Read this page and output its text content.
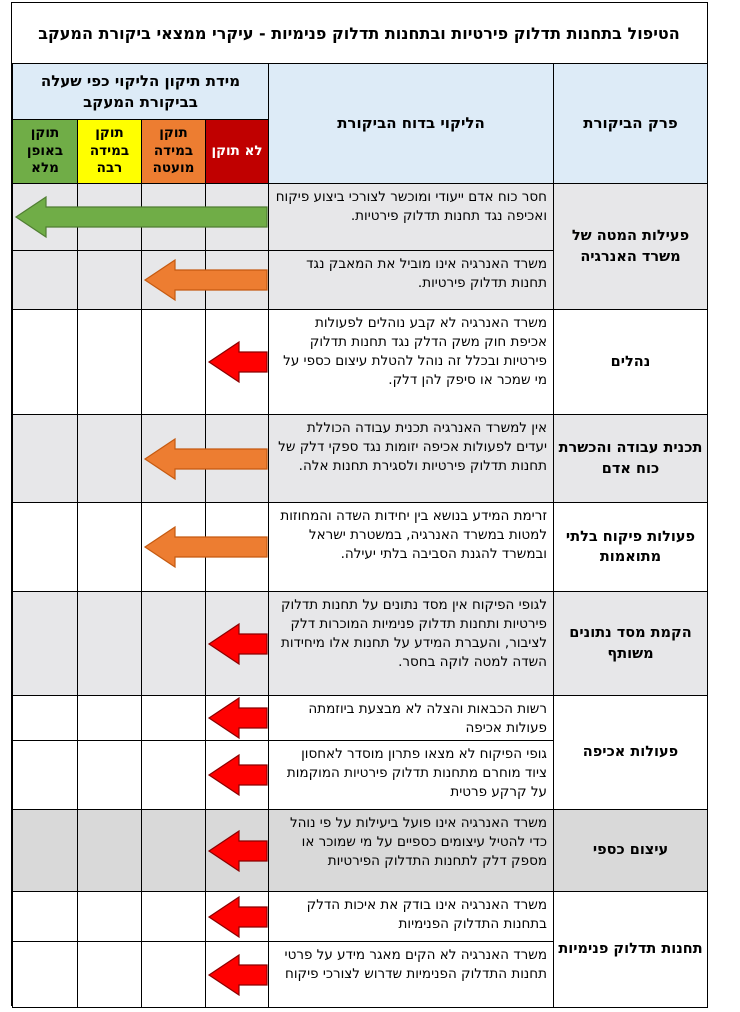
הטיפול בתחנות תדלוק פירטיות ובתחנות תדלוק פנימיות - עיקרי ממצאי ביקורת המעקב
פרק הביקורת
הליקוי בדוח הביקורת
מידת תיקון הליקוי כפי שעלה בביקורת המעקב
לא תוקן
תוקן במידה מועטה
תוקן במידה רבה
תוקן באופן מלא
פעילות המטה של משרד האנרגיה
חסר כוח אדם ייעודי ומוכשר לצורכי ביצוע פיקוח ואכיפה נגד תחנות תדלוק פירטיות.
משרד האנרגיה אינו מוביל את המאבק נגד תחנות תדלוק פירטיות.
נהלים
משרד האנרגיה לא קבע נוהלים לפעולות אכיפת חוק משק הדלק נגד תחנות תדלוק פירטיות ובכלל זה נוהל להטלת עיצום כספי על מי שמכר או סיפק להן דלק.
תכנית עבודה והכשרת כוח אדם
אין למשרד האנרגיה תכנית עבודה הכוללת יעדים לפעולות אכיפה יזומות נגד ספקי דלק של תחנות תדלוק פירטיות ולסגירת תחנות אלה.
פעולות פיקוח בלתי מתואמות
זרימת המידע בנושא בין יחידות השדה והמחוזות למטות במשרד האנרגיה, במשטרת ישראל ובמשרד להגנת הסביבה בלתי יעילה.
הקמת מסד נתונים משותף
לגופי הפיקוח אין מסד נתונים על תחנות תדלוק פירטיות ותחנות תדלוק פנימיות המוכרות דלק לציבור, והעברת המידע על תחנות אלו מיחידות השדה למטה לוקה בחסר.
פעולות אכיפה
רשות הכבאות והצלה לא מבצעת ביוזמתה פעולות אכיפה
גופי הפיקוח לא מצאו פתרון מוסדר לאחסון ציוד מוחרם מתחנות תדלוק פירטיות המוקמות על קרקע פרטית
עיצום כספי
משרד האנרגיה אינו פועל ביעילות על פי נוהל כדי להטיל עיצומים כספיים על מי שמוכר או מספק דלק לתחנות התדלוק הפירטיות
תחנות תדלוק פנימיות
משרד האנרגיה אינו בודק את איכות הדלק בתחנות התדלוק הפנימיות
משרד האנרגיה לא הקים מאגר מידע על פרטי תחנות התדלוק הפנימיות שדרוש לצורכי פיקוח
